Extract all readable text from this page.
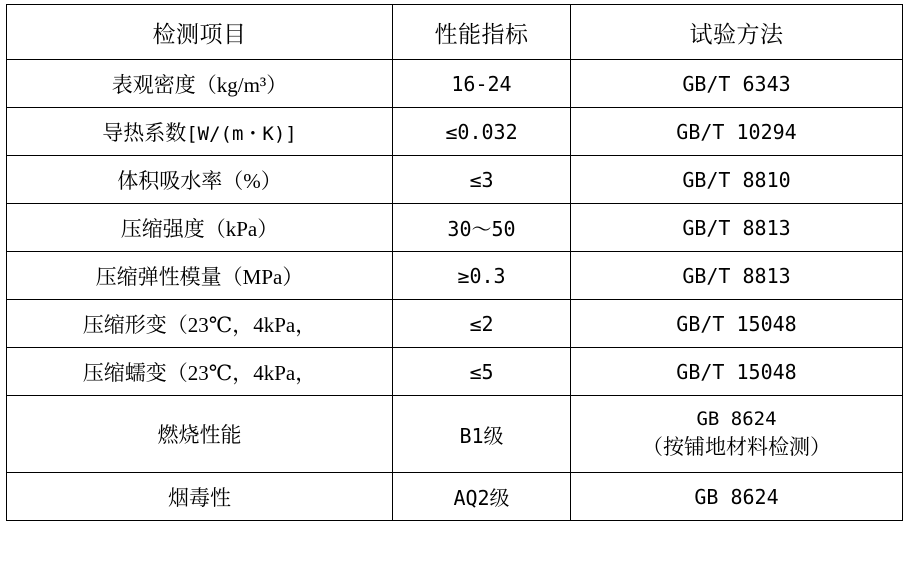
检测项目	性能指标	试验方法
表观密度（kg/m³）	16-24	GB/T 6343
导热系数[W/(m・K)]	≤0.032	GB/T 10294
体积吸水率（%）	≤3	GB/T 8810
压缩强度（kPa）	30～50	GB/T 8813
压缩弹性模量（MPa）	≥0.3	GB/T 8813
压缩形变（23℃，4kPa，	≤2	GB/T 15048
压缩蠕变（23℃，4kPa，	≤5	GB/T 15048
燃烧性能	B1级	GB 8624
（按铺地材料检测）

烟毒性	AQ2级	GB 8624
